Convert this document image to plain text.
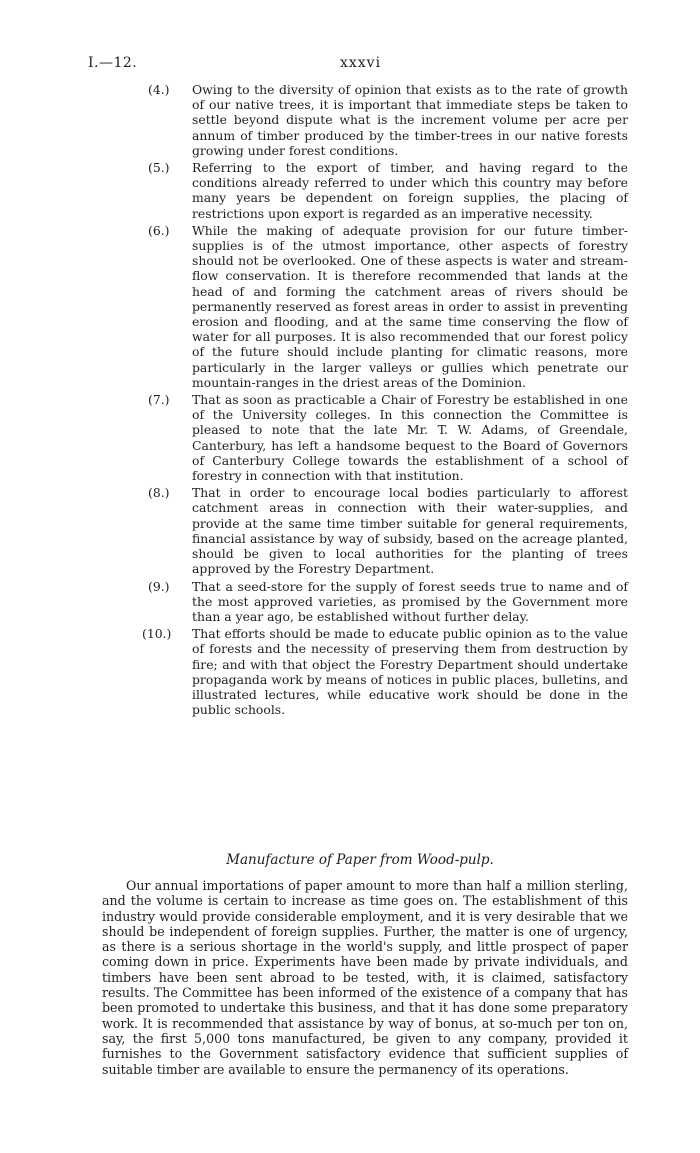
I.—12.	xxxvi
(4.) Owing to the diversity of opinion that exists as to the rate of growth of our native trees, it is important that immediate steps be taken to settle beyond dispute what is the increment volume per acre per annum of timber produced by the timber-trees in our native forests growing under forest conditions.
(5.) Referring to the export of timber, and having regard to the conditions already referred to under which this country may before many years be dependent on foreign supplies, the placing of restrictions upon export is regarded as an imperative necessity.
(6.) While the making of adequate provision for our future timber-supplies is of the utmost importance, other aspects of forestry should not be overlooked. One of these aspects is water and stream-flow conservation. It is therefore recommended that lands at the head of and forming the catchment areas of rivers should be permanently reserved as forest areas in order to assist in preventing erosion and flooding, and at the same time conserving the flow of water for all purposes. It is also recommended that our forest policy of the future should include planting for climatic reasons, more particularly in the larger valleys or gullies which penetrate our mountain-ranges in the driest areas of the Dominion.
(7.) That as soon as practicable a Chair of Forestry be established in one of the University colleges. In this connection the Committee is pleased to note that the late Mr. T. W. Adams, of Greendale, Canterbury, has left a handsome bequest to the Board of Governors of Canterbury College towards the establishment of a school of forestry in connection with that institution.
(8.) That in order to encourage local bodies particularly to afforest catchment areas in connection with their water-supplies, and provide at the same time timber suitable for general requirements, financial assistance by way of subsidy, based on the acreage planted, should be given to local authorities for the planting of trees approved by the Forestry Department.
(9.) That a seed-store for the supply of forest seeds true to name and of the most approved varieties, as promised by the Government more than a year ago, be established without further delay.
(10.) That efforts should be made to educate public opinion as to the value of forests and the necessity of preserving them from destruction by fire; and with that object the Forestry Department should undertake propaganda work by means of notices in public places, bulletins, and illustrated lectures, while educative work should be done in the public schools.
Manufacture of Paper from Wood-pulp.
Our annual importations of paper amount to more than half a million sterling, and the volume is certain to increase as time goes on. The establishment of this industry would provide considerable employment, and it is very desirable that we should be independent of foreign supplies. Further, the matter is one of urgency, as there is a serious shortage in the world's supply, and little prospect of paper coming down in price. Experiments have been made by private individuals, and timbers have been sent abroad to be tested, with, it is claimed, satisfactory results. The Committee has been informed of the existence of a company that has been promoted to undertake this business, and that it has done some preparatory work. It is recommended that assistance by way of bonus, at so-much per ton on, say, the first 5,000 tons manufactured, be given to any company, provided it furnishes to the Government satisfactory evidence that sufficient supplies of suitable timber are available to ensure the permanency of its operations.
